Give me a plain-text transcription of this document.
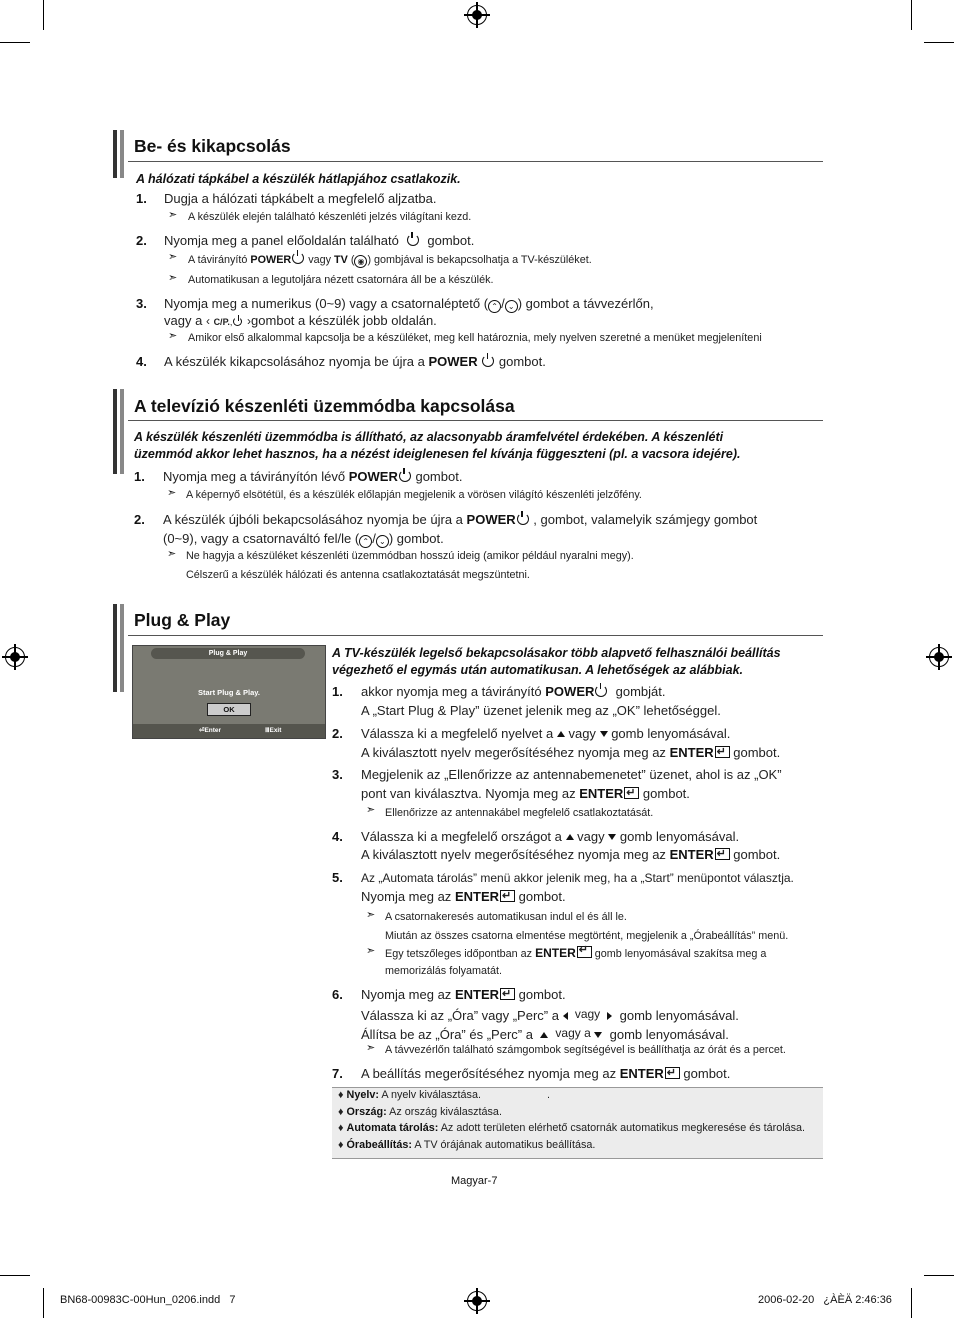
Be- és kikapcsolás
A hálózati tápkábel a készülék hátlapjához csatlakozik.
1. Dugja a hálózati tápkábelt a megfelelő aljzatba.
➣ A készülék elején található készenléti jelzés világítani kezd.
2. Nyomja meg a panel előoldalán található gombot.
➣ A távirányító POWER vagy TV ( ◉ ) gombjával is bekapcsolhatja a TV-készüléket.
➣ Automatikusan a legutoljára nézett csatornára áll be a készülék.
3. Nyomja meg a numerikus (0~9) vagy a csatornaléptető ( ⌃ / ⌄ ) gombot a távvezérlőn,
vagy a ‹ C/P., ›gombot a készülék jobb oldalán.
➣ Amikor első alkalommal kapcsolja be a készüléket, meg kell határoznia, mely nyelven szeretné a menüket megjeleníteni
4. A készülék kikapcsolásához nyomja be újra a POWER gombot.
A televízió készenléti üzemmódba kapcsolása
A készülék készenléti üzemmódba is állítható, az alacsonyabb áramfelvétel érdekében. A készenléti
üzemmód akkor lehet hasznos, ha a nézést ideiglenesen fel kívánja függeszteni (pl. a vacsora idejére).
1. Nyomja meg a távirányítón lévő POWER gombot.
➣ A képernyő elsötétül, és a készülék előlapján megjelenik a vörösen világító készenléti jelzőfény.
2. A készülék újbóli bekapcsolásához nyomja be újra a POWER , gombot, valamelyik számjegy gombot
(0~9), vagy a csatornaváltó fel/le ( ⌃ / ⌄ ) gombot.
➣ Ne hagyja a készüléket készenléti üzemmódban hosszú ideig (amikor például nyaralni megy).
Célszerű a készülék hálózati és antenna csatlakoztatását megszüntetni.
Plug & Play
Plug & Play
Start Plug & Play.
OK
⏎Enter	ⅢExit
A TV-készülék legelső bekapcsolásakor több alapvető felhasználói beállítás
végezhető el egymás után automatikusan. A lehetőségek az alábbiak.
1. akkor nyomja meg a távirányító POWER gombját.
A „Start Plug & Play” üzenet jelenik meg az „OK” lehetőséggel.
2. Válassza ki a megfelelő nyelvet a vagy gomb lenyomásával.
A kiválasztott nyelv megerősítéséhez nyomja meg az ENTER ↵ gombot.
3. Megjelenik az „Ellenőrizze az antennabemenetet” üzenet, ahol is az „OK”
pont van kiválasztva. Nyomja meg az ENTER ↵ gombot.
➣ Ellenőrizze az antennakábel megfelelő csatlakoztatását.
4. Válassza ki a megfelelő országot a vagy gomb lenyomásával.
A kiválasztott nyelv megerősítéséhez nyomja meg az ENTER ↵ gombot.
5. Az „Automata tárolás” menü akkor jelenik meg, ha a „Start” menüpontot választja.
Nyomja meg az ENTER ↵ gombot.
➣ A csatornakeresés automatikusan indul el és áll le.
Miután az összes csatorna elmentése megtörtént, megjelenik a „Órabeállítás” menü.
➣ Egy tetszőleges időpontban az ENTER ↵ gomb lenyomásával szakítsa meg a
memorizálás folyamatát.
6. Nyomja meg az ENTER ↵ gombot.
Válassza ki az „Óra” vagy „Perc” a vagy gomb lenyomásával.
Állítsa be az „Óra” és „Perc” a vagy a gomb lenyomásával.
➣ A távvezérlőn található számgombok segítségével is beállíthatja az órát és a percet.
7. A beállítás megerősítéséhez nyomja meg az ENTER ↵ gombot.
♦ Nyelv: A nyelv kiválasztása.	.
♦ Ország: Az ország kiválasztása.
♦ Automata tárolás: Az adott területen elérhető csatornák automatikus megkeresése és tárolása.
♦ Órabeállítás: A TV órájának automatikus beállítása.
Magyar-7
BN68-00983C-00Hun_0206.indd   7	2006-02-20   ¿ÀÈÄ 2:46:36
